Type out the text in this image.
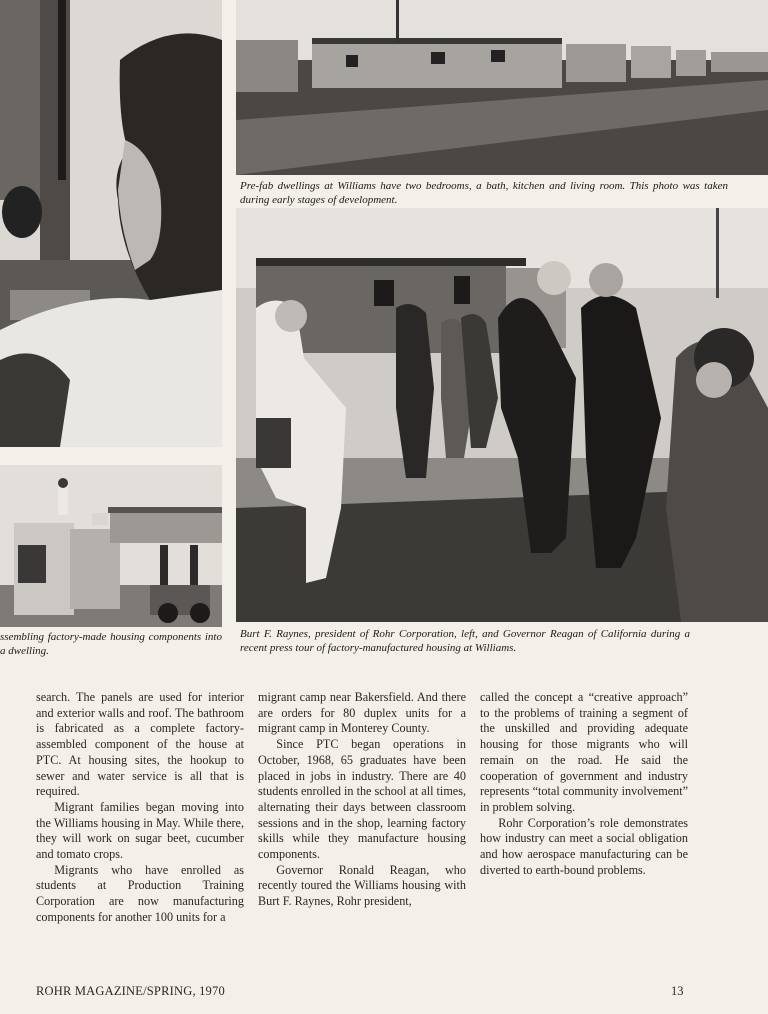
Pre-fab dwellings at Williams have two bedrooms, a bath, kitchen and living room. This photo was taken during early stages of development.

Burt F. Raynes, president of Rohr Corporation, left, and Governor Reagan of California during a recent press tour of factory-manufactured housing at Williams.

ssembling factory-made housing components into a dwelling.

search. The panels are used for interior and exterior walls and roof. The bathroom is fabricated as a complete factory-assembled component of the house at PTC. At housing sites, the hookup to sewer and water service is all that is required.

Migrant families began moving into the Williams housing in May. While there, they will work on sugar beet, cucumber and tomato crops.

Migrants who have enrolled as students at Production Training Corporation are now manufacturing components for another 100 units for a

migrant camp near Bakersfield. And there are orders for 80 duplex units for a migrant camp in Monterey County.

Since PTC began operations in October, 1968, 65 graduates have been placed in jobs in industry. There are 40 students enrolled in the school at all times, alternating their days between classroom sessions and in the shop, learning factory skills while they manufacture housing components.

Governor Ronald Reagan, who recently toured the Williams housing with Burt F. Raynes, Rohr president,

called the concept a “creative approach” to the problems of training a segment of the unskilled and providing adequate housing for those migrants who will remain on the road. He said the cooperation of government and industry represents “total community involvement” in problem solving.

Rohr Corporation’s role demonstrates how industry can meet a social obligation and how aerospace manufacturing can be diverted to earth-bound problems.

ROHR MAGAZINE/SPRING, 1970	13
